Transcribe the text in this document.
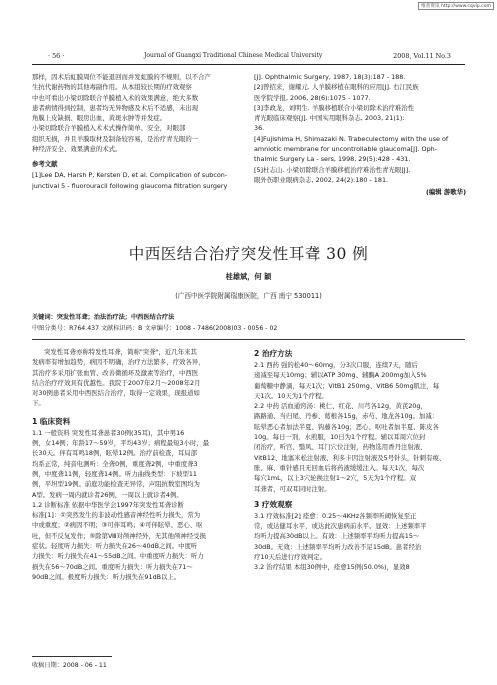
维普资讯 http://www.cqvip.com
· 56 ·	Journal of Guangxi Traditional Chinese Medical University	2008, Vol.11 No.3

那样，因术后虹膜周位不能退回而并发虹膜的不规则，以不合产

生抗代谢药物的其他毒副作用。从本组较长期的疗效观察

中也可看出小梁切除联合羊膜植入术的效果满意，绝大多数

患者病情得到控制，患者均无异物感及术后不适感，未出现

角膜上皮缺损、眼房出血、黄斑水肿等并发症。

小梁切除联合羊膜植入术术式操作简单、安全，对眼部

组织无损，并且羊膜取材及制备较容易，是治疗青光眼的一

种经济安全、效果满意的术式。

参考文献

[1]Lee DA, Harsh P, Kersten D, et al. Complication of subcon-

junctival 5 - fluorouracil following glaucoma filtration surgery

[J]. Ophthalmic Surgery, 1987, 18(3):187 - 188.

[2]曾招来，谢耀元. 人羊膜移植在眼科的应用[J]. 右江民族

医学院学报, 2006, 28(6):1075 - 1077.

[3]李政龙，刘明生. 羊膜移植联合小梁切除术治疗难治性

青光眼临床观察[J]. 中国实用眼科杂志, 2003, 21(1):

36.

[4]Fujishima H, Shimazaki N. Trabeculectomy with the use of

amniotic membrane for uncontrollable glaucoma[J]. Oph-

thalmic Surgery La - sers, 1998, 29(5):428 - 431.

[5]杜志山. 小梁切除联合羊膜移植治疗难治性青光眼[J].

眼外伤职业眼病杂志, 2002, 24(2):180 - 181.

(编辑 游歌华)

中西医结合治疗突发性耳聋 30 例
桂雄斌，何 颖
(广西中医学院附属瑞康医院，广西 南宁 530011)
关键词：突发性耳聋；治法治疗法；中西医结合疗法
中图分类号：R764.437 文献标识码：B 文章编号：1008 - 7486(2008)03 - 0056 - 02

突发性耳聋亦称特发性耳聋，简称"突聋"，近几年来其

发病率有增加趋势，病因不明确，治疗方法繁多，疗效各异，

其治疗多采用扩张血管、改善微循环及激素等治疗，中西医

结合治疗疗效具有优越性。我院于2007年2月～2008年2月

对30例患者采用中西医结合治疗，取得一定效果，现报道如

下。

1 临床资料

1.1 一般资料 突发性耳聋患者30例(35耳)，其中男16

例，女14例；年龄17～59岁，平均43岁；病程最短3小时，最

长30天。伴有耳鸣18例，眩晕12例。治疗前检查，耳局部

均系正常，纯音电测听：全聋0例，重度聋2例，中重度聋3

例，中度聋11例，轻度聋14例。听力曲线类型：下坡型11

例，平坦型19例。前庭功能检查无异常，声阻抗数室图均为

A型。发病一周内就诊者26例，一周以上就诊者4例。

1.2 诊断标准 依据中华医学会1997年突发性耳聋诊断

标准[1]：①突然发生的非波动性感音神经性听力损失，常为

中或重度；②病因不明；③可伴耳鸣；④可伴眩晕、恶心、呕

吐，但不反复发作；⑤除第Ⅷ对颅神经外，无其他颅神经受损

症状。轻度听力损失：听力损失在26～40dB之间。中度听

力损失：听力损失在41～55dB之间。中重度听力损失：听力

损失在56～70dB之间。重度听力损失：听力损失在71～

90dB之间。极度听力损失：听力损失在91dB以上。

收稿日期：2008 - 06 - 11

2 治疗方法

2.1 西药 强的松40～60mg，分3次口服，连续7天，随后

递减至每天10mg；辅以ATP 30mg、辅酶A 200mg加入5%

葡萄糖中静滴，每天1次；VitB1 250mg、VitB6 50mg肌注，每

天1次。10天为1个疗程。

2.2 中药 活血通窍汤：桃仁、红花、川芎各12g，黄芪20g，

路路通、当归尾、丹参、葛根各15g，赤芍、地龙各10g。加减：

眩晕恶心者加法半夏、钩藤各10g；恶心、呕吐者加半夏、陈皮各

10g。每日一剂，水煎服，10日为1个疗程。辅以耳周穴位封

闭治疗，听宫、翳风、耳门穴位注射，药物选用香丹注射液、

VitB12、地塞米松注射液、利多卡因注射液及5号针头，针刺有痠、

胀、麻、重针感且无回血后将药液缓缓注入。每天1次，每次

每穴1mL，以上3穴轮换注射1～2穴，5天为1个疗程。双

耳聋者，可双耳同时注射。

3 疗效观察

3.1 疗效标准[2] 痊愈：0.25～4KHz各频率听阈恢复至正

常，或达健耳水平，或达此次患病前水平。显效：上述频率平

均听力提高30dB以上。有效：上述频率平均听力提高15～

30dB。无效：上述频率平均听力改善不足15dB。患者经治

疗10天后进行疗效判定。

3.2 治疗结果 本组30例中，痊愈15例(50.0%)，显效8
